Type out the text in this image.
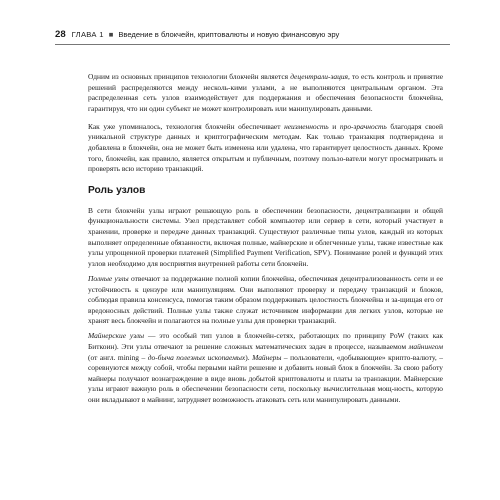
28 ГЛАВА 1 ■ Введение в блокчейн, криптовалюты и новую финансовую эру

Одним из основных принципов технологии блокчейн является децентрали-зация, то есть контроль и принятие решений распределяются между несколь-кими узлами, а не выполняются центральным органом. Эта распределенная сеть узлов взаимодействует для поддержания и обеспечения безопасности блокчейна, гарантируя, что ни один субъект не может контролировать или манипулировать данными.

Как уже упоминалось, технология блокчейн обеспечивает неизменность и про-зрачность благодаря своей уникальной структуре данных и криптографическим методам. Как только транзакция подтверждена и добавлена в блокчейн, она не может быть изменена или удалена, что гарантирует целостность данных. Кроме того, блокчейн, как правило, является открытым и публичным, поэтому пользо-ватели могут просматривать и проверять всю историю транзакций.

Роль узлов

В сети блокчейн узлы играют решающую роль в обеспечении безопасности, децентрализации и общей функциональности системы. Узел представляет собой компьютер или сервер в сети, который участвует в хранении, проверке и передаче данных транзакций. Существуют различные типы узлов, каждый из которых выполняет определенные обязанности, включая полные, майнерские и облегченные узлы, также известные как узлы упрощенной проверки платежей (Simplified Payment Verification, SPV). Понимание ролей и функций этих узлов необходимо для восприятия внутренней работы сети блокчейн.

Полные узлы отвечают за поддержание полной копии блокчейна, обеспечивая децентрализованность сети и ее устойчивость к цензуре или манипуляциям. Они выполняют проверку и передачу транзакций и блоков, соблюдая правила консенсуса, помогая таким образом поддерживать целостность блокчейна и за-щищая его от вредоносных действий. Полные узлы также служат источником информации для легких узлов, которые не хранят весь блокчейн и полагаются на полные узлы для проверки транзакций.

Майнерские узлы — это особый тип узлов в блокчейн-сетях, работающих по принципу PoW (таких как Биткоин). Эти узлы отвечают за решение сложных математических задач в процессе, называемом майнингом (от англ. mining – до-быча полезных ископаемых). Майнеры – пользователи, «добывающие» крипто-валюту, – соревнуются между собой, чтобы первыми найти решение и добавить новый блок в блокчейн. За свою работу майнеры получают вознаграждение в виде вновь добытой криптовалюты и платы за транзакции. Майнерские узлы играют важную роль в обеспечении безопасности сети, поскольку вычислительная мощ-ность, которую они вкладывают в майнинг, затрудняет возможность атаковать сеть или манипулировать данными.
